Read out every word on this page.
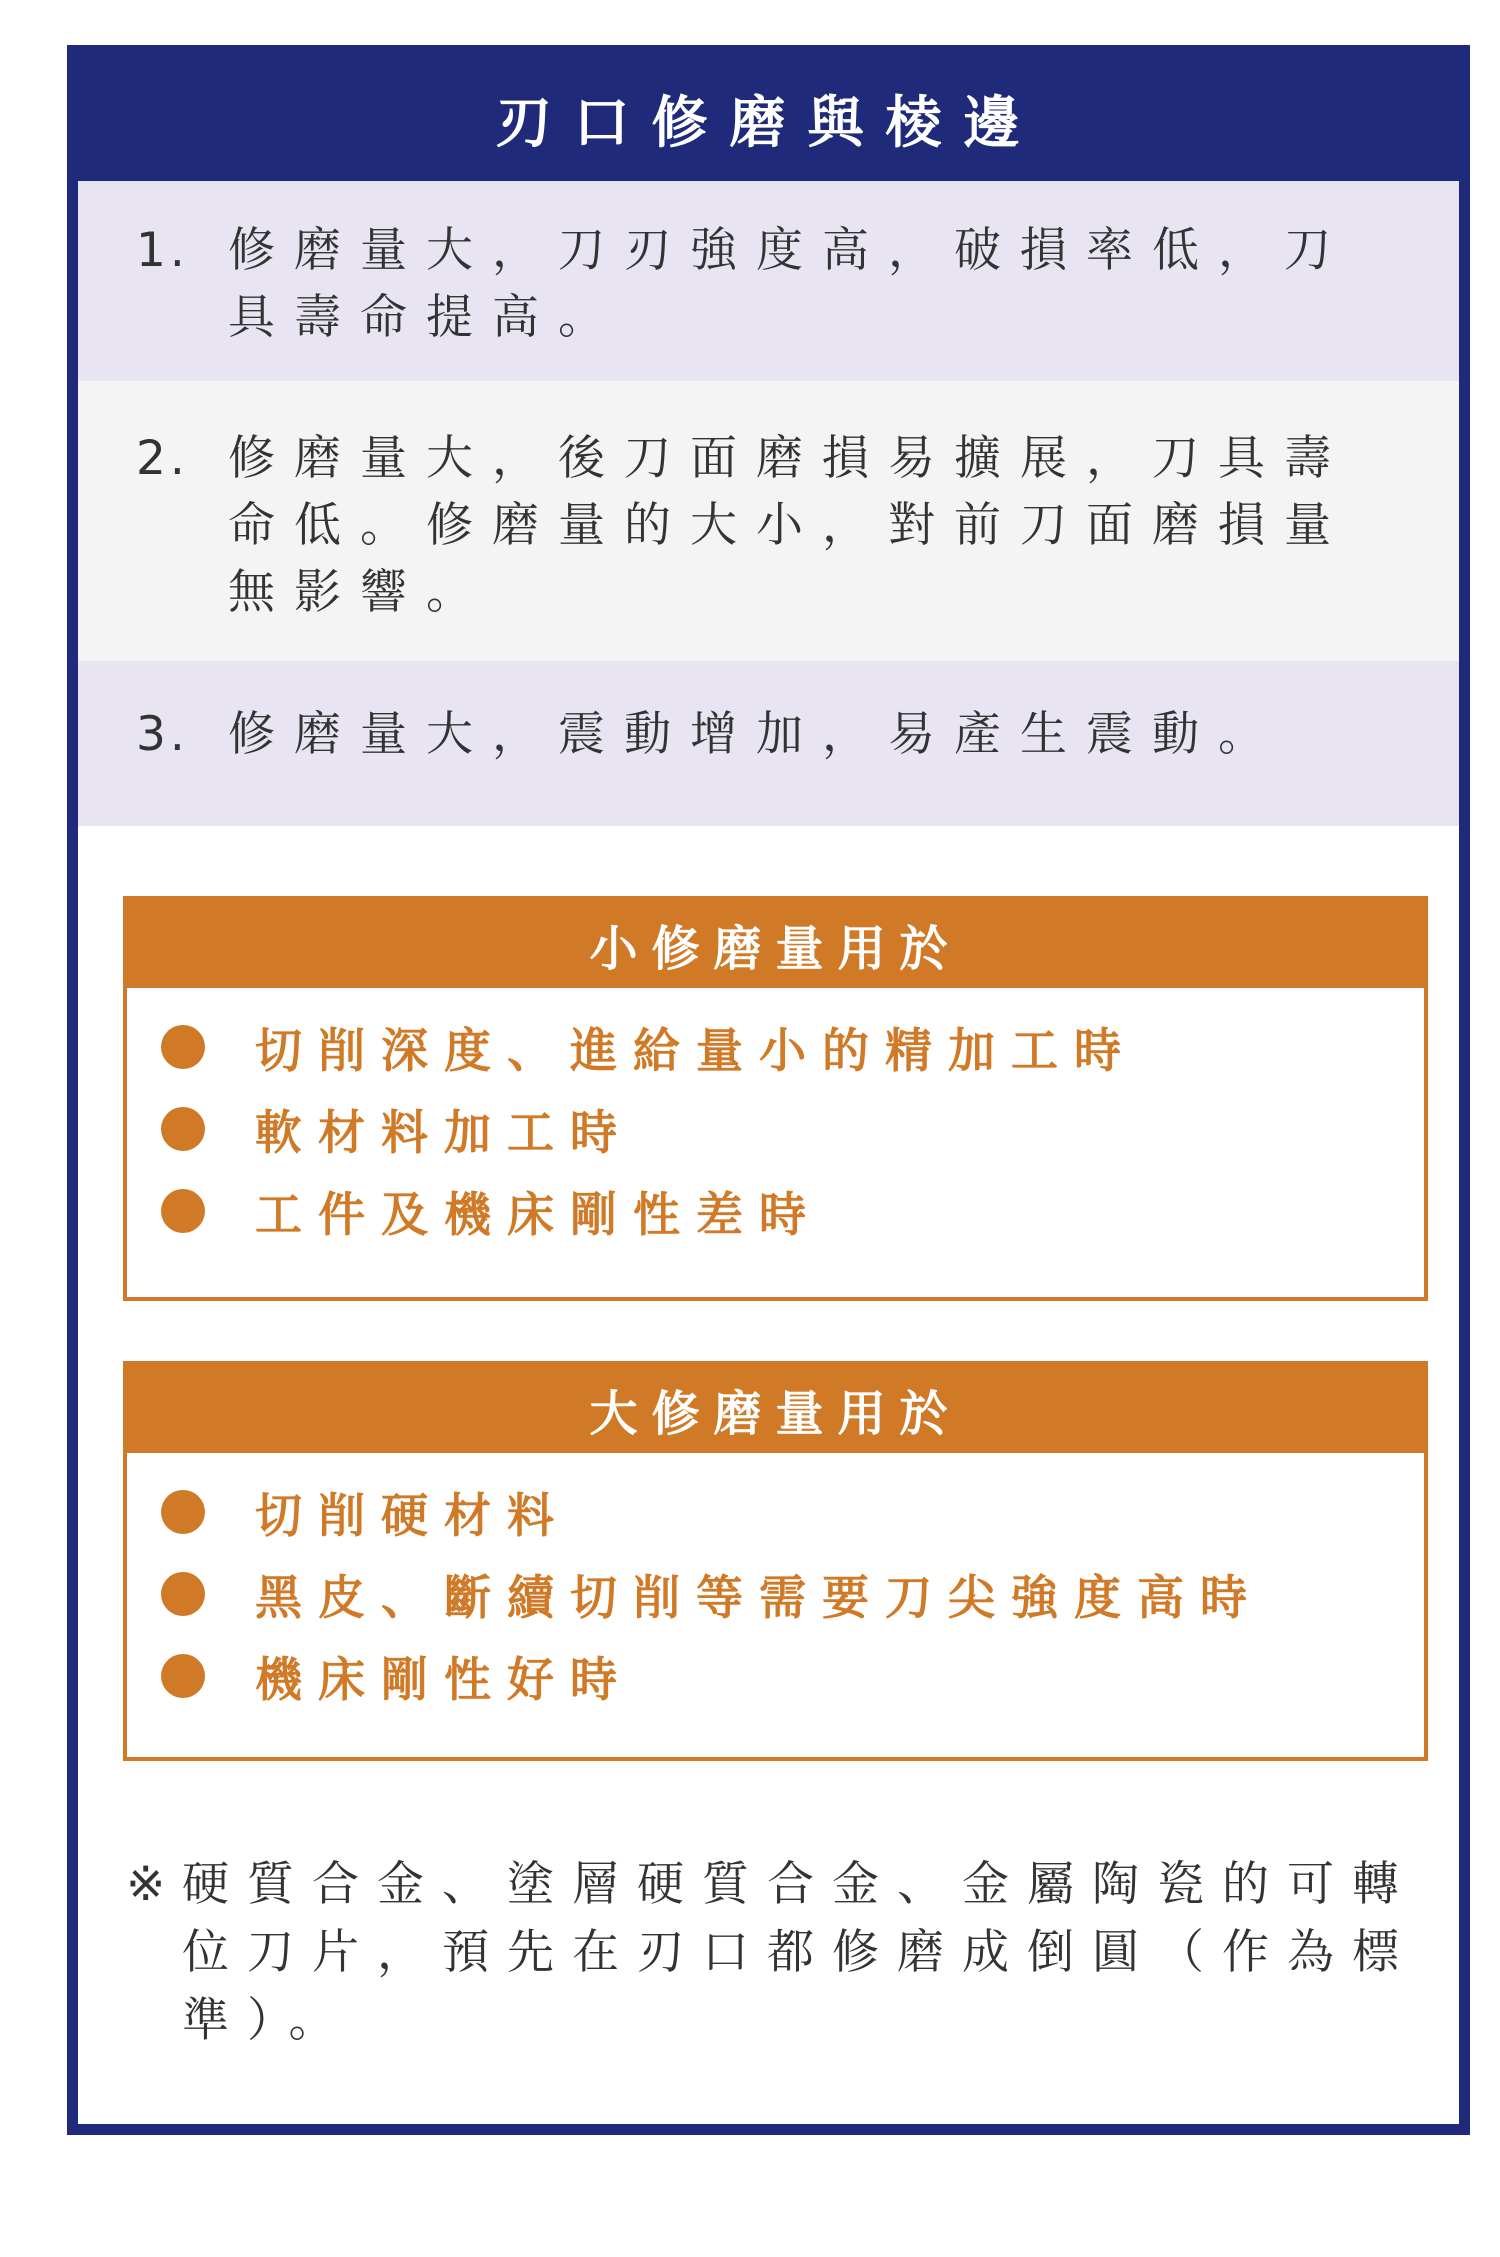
刃口修磨與棱邊
1. 修磨量大，刀刃強度高，破損率低，刀具壽命提高。
2. 修磨量大，後刀面磨損易擴展，刀具壽命低。修磨量的大小，對前刀面磨損量無影響。
3. 修磨量大，震動增加，易產生震動。
小修磨量用於
切削深度、進給量小的精加工時
軟材料加工時
工件及機床剛性差時
大修磨量用於
切削硬材料
黑皮、斷續切削等需要刀尖強度高時
機床剛性好時
※ 硬質合金、塗層硬質合金、金屬陶瓷的可轉位刀片，預先在刃口都修磨成倒圓（作為標準）。
